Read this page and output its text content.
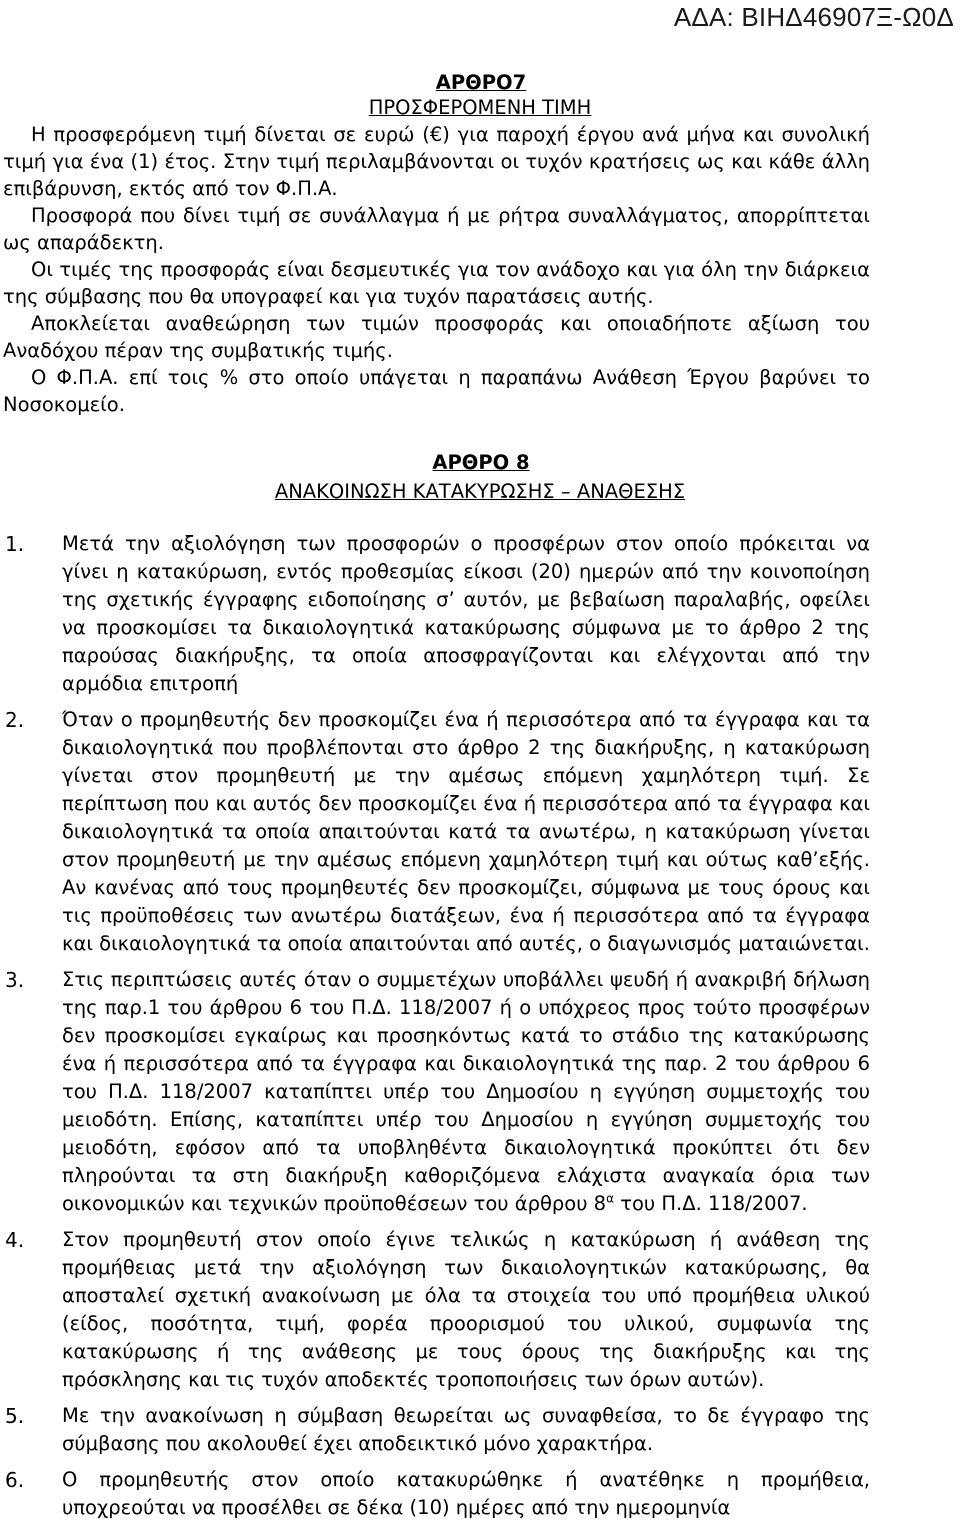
ΑΔΑ: ΒΙΗΔ46907Ξ-Ω0Δ

ΑΡΘΡΟ7

ΠΡΟΣΦΕΡΟΜΕΝΗ ΤΙΜΗ

Η προσφερόμενη τιμή δίνεται σε ευρώ (€) για παροχή έργου ανά μήνα και συνολική τιμή για ένα (1) έτος. Στην τιμή περιλαμβάνονται οι τυχόν κρατήσεις ως και κάθε άλλη επιβάρυνση, εκτός από τον Φ.Π.Α.

Προσφορά που δίνει τιμή σε συνάλλαγμα ή με ρήτρα συναλλάγματος, απορρίπτεται ως απαράδεκτη.

Οι τιμές της προσφοράς είναι δεσμευτικές για τον ανάδοχο και για όλη την διάρκεια της σύμβασης που θα υπογραφεί και για τυχόν παρατάσεις αυτής.

Αποκλείεται αναθεώρηση των τιμών προσφοράς και οποιαδήποτε αξίωση του Αναδόχου πέραν της συμβατικής τιμής.

Ο Φ.Π.Α. επί τοις % στο οποίο υπάγεται η παραπάνω Ανάθεση Έργου βαρύνει το Νοσοκομείο.

ΑΡΘΡΟ 8

ΑΝΑΚΟΙΝΩΣΗ ΚΑΤΑΚΥΡΩΣΗΣ – ΑΝΑΘΕΣΗΣ

1. Μετά την αξιολόγηση των προσφορών ο προσφέρων στον οποίο πρόκειται να γίνει η κατακύρωση, εντός προθεσμίας είκοσι (20) ημερών από την κοινοποίηση της σχετικής έγγραφης ειδοποίησης σ’ αυτόν, με βεβαίωση παραλαβής, οφείλει να προσκομίσει τα δικαιολογητικά κατακύρωσης σύμφωνα με το άρθρο 2 της παρούσας διακήρυξης, τα οποία αποσφραγίζονται και ελέγχονται από την αρμόδια επιτροπή
2. Όταν ο προμηθευτής δεν προσκομίζει ένα ή περισσότερα από τα έγγραφα και τα δικαιολογητικά που προβλέπονται στο άρθρο 2 της διακήρυξης, η κατακύρωση γίνεται στον προμηθευτή με την αμέσως επόμενη χαμηλότερη τιμή. Σε περίπτωση που και αυτός δεν προσκομίζει ένα ή περισσότερα από τα έγγραφα και δικαιολογητικά τα οποία απαιτούνται κατά τα ανωτέρω, η κατακύρωση γίνεται στον προμηθευτή με την αμέσως επόμενη χαμηλότερη τιμή και ούτως καθ’εξής. Αν κανένας από τους προμηθευτές δεν προσκομίζει, σύμφωνα με τους όρους και τις προϋποθέσεις των ανωτέρω διατάξεων, ένα ή περισσότερα από τα έγγραφα και δικαιολογητικά τα οποία απαιτούνται από αυτές, ο διαγωνισμός ματαιώνεται.
3. Στις περιπτώσεις αυτές όταν ο συμμετέχων υποβάλλει ψευδή ή ανακριβή δήλωση της παρ.1 του άρθρου 6 του Π.Δ. 118/2007 ή ο υπόχρεος προς τούτο προσφέρων δεν προσκομίσει εγκαίρως και προσηκόντως κατά το στάδιο της κατακύρωσης ένα ή περισσότερα από τα έγγραφα και δικαιολογητικά της παρ. 2 του άρθρου 6 του Π.Δ. 118/2007 καταπίπτει υπέρ του Δημοσίου η εγγύηση συμμετοχής του μειοδότη. Επίσης, καταπίπτει υπέρ του Δημοσίου η εγγύηση συμμετοχής του μειοδότη, εφόσον από τα υποβληθέντα δικαιολογητικά προκύπτει ότι δεν πληρούνται τα στη διακήρυξη καθοριζόμενα ελάχιστα αναγκαία όρια των οικονομικών και τεχνικών προϋποθέσεων του άρθρου $8^\alpha$ του Π.Δ. 118/2007.
4. Στον προμηθευτή στον οποίο έγινε τελικώς η κατακύρωση ή ανάθεση της προμήθειας μετά την αξιολόγηση των δικαιολογητικών κατακύρωσης, θα αποσταλεί σχετική ανακοίνωση με όλα τα στοιχεία του υπό προμήθεια υλικού (είδος, ποσότητα, τιμή, φορέα προορισμού του υλικού, συμφωνία της κατακύρωσης ή της ανάθεσης με τους όρους της διακήρυξης και της πρόσκλησης και τις τυχόν αποδεκτές τροποποιήσεις των όρων αυτών).
5. Με την ανακοίνωση η σύμβαση θεωρείται ως συναφθείσα, το δε έγγραφο της σύμβασης που ακολουθεί έχει αποδεικτικό μόνο χαρακτήρα.
6. Ο προμηθευτής στον οποίο κατακυρώθηκε ή ανατέθηκε η προμήθεια, υποχρεούται να προσέλθει σε δέκα (10) ημέρες από την ημερομηνία
